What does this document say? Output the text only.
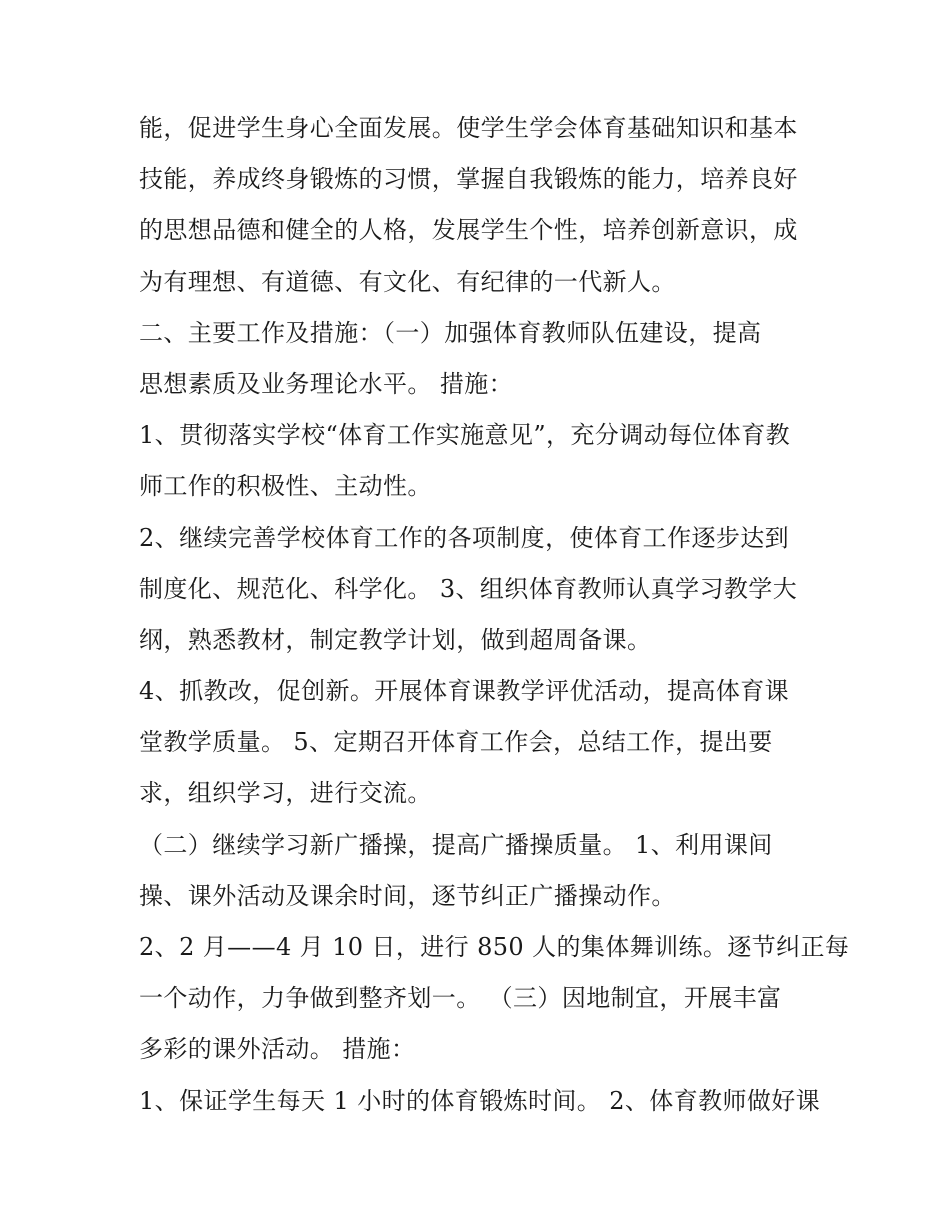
能，促进学生身心全面发展。使学生学会体育基础知识和基本
技能，养成终身锻炼的习惯，掌握自我锻炼的能力，培养良好
的思想品德和健全的人格，发展学生个性，培养创新意识，成
为有理想、有道德、有文化、有纪律的一代新人。
二、主要工作及措施：（一）加强体育教师队伍建设，提高
思想素质及业务理论水平。 措施：
1、贯彻落实学校“体育工作实施意见”，充分调动每位体育教
师工作的积极性、主动性。
2、继续完善学校体育工作的各项制度，使体育工作逐步达到
制度化、规范化、科学化。 3、组织体育教师认真学习教学大
纲，熟悉教材，制定教学计划，做到超周备课。
4、抓教改，促创新。开展体育课教学评优活动，提高体育课
堂教学质量。 5、定期召开体育工作会，总结工作，提出要
求，组织学习，进行交流。
（二）继续学习新广播操，提高广播操质量。 1、利用课间
操、课外活动及课余时间，逐节纠正广播操动作。
2、2 月——4 月 10 日，进行 850 人的集体舞训练。逐节纠正每
一个动作，力争做到整齐划一。 （三）因地制宜，开展丰富
多彩的课外活动。 措施：
1、保证学生每天 1 小时的体育锻炼时间。 2、体育教师做好课
